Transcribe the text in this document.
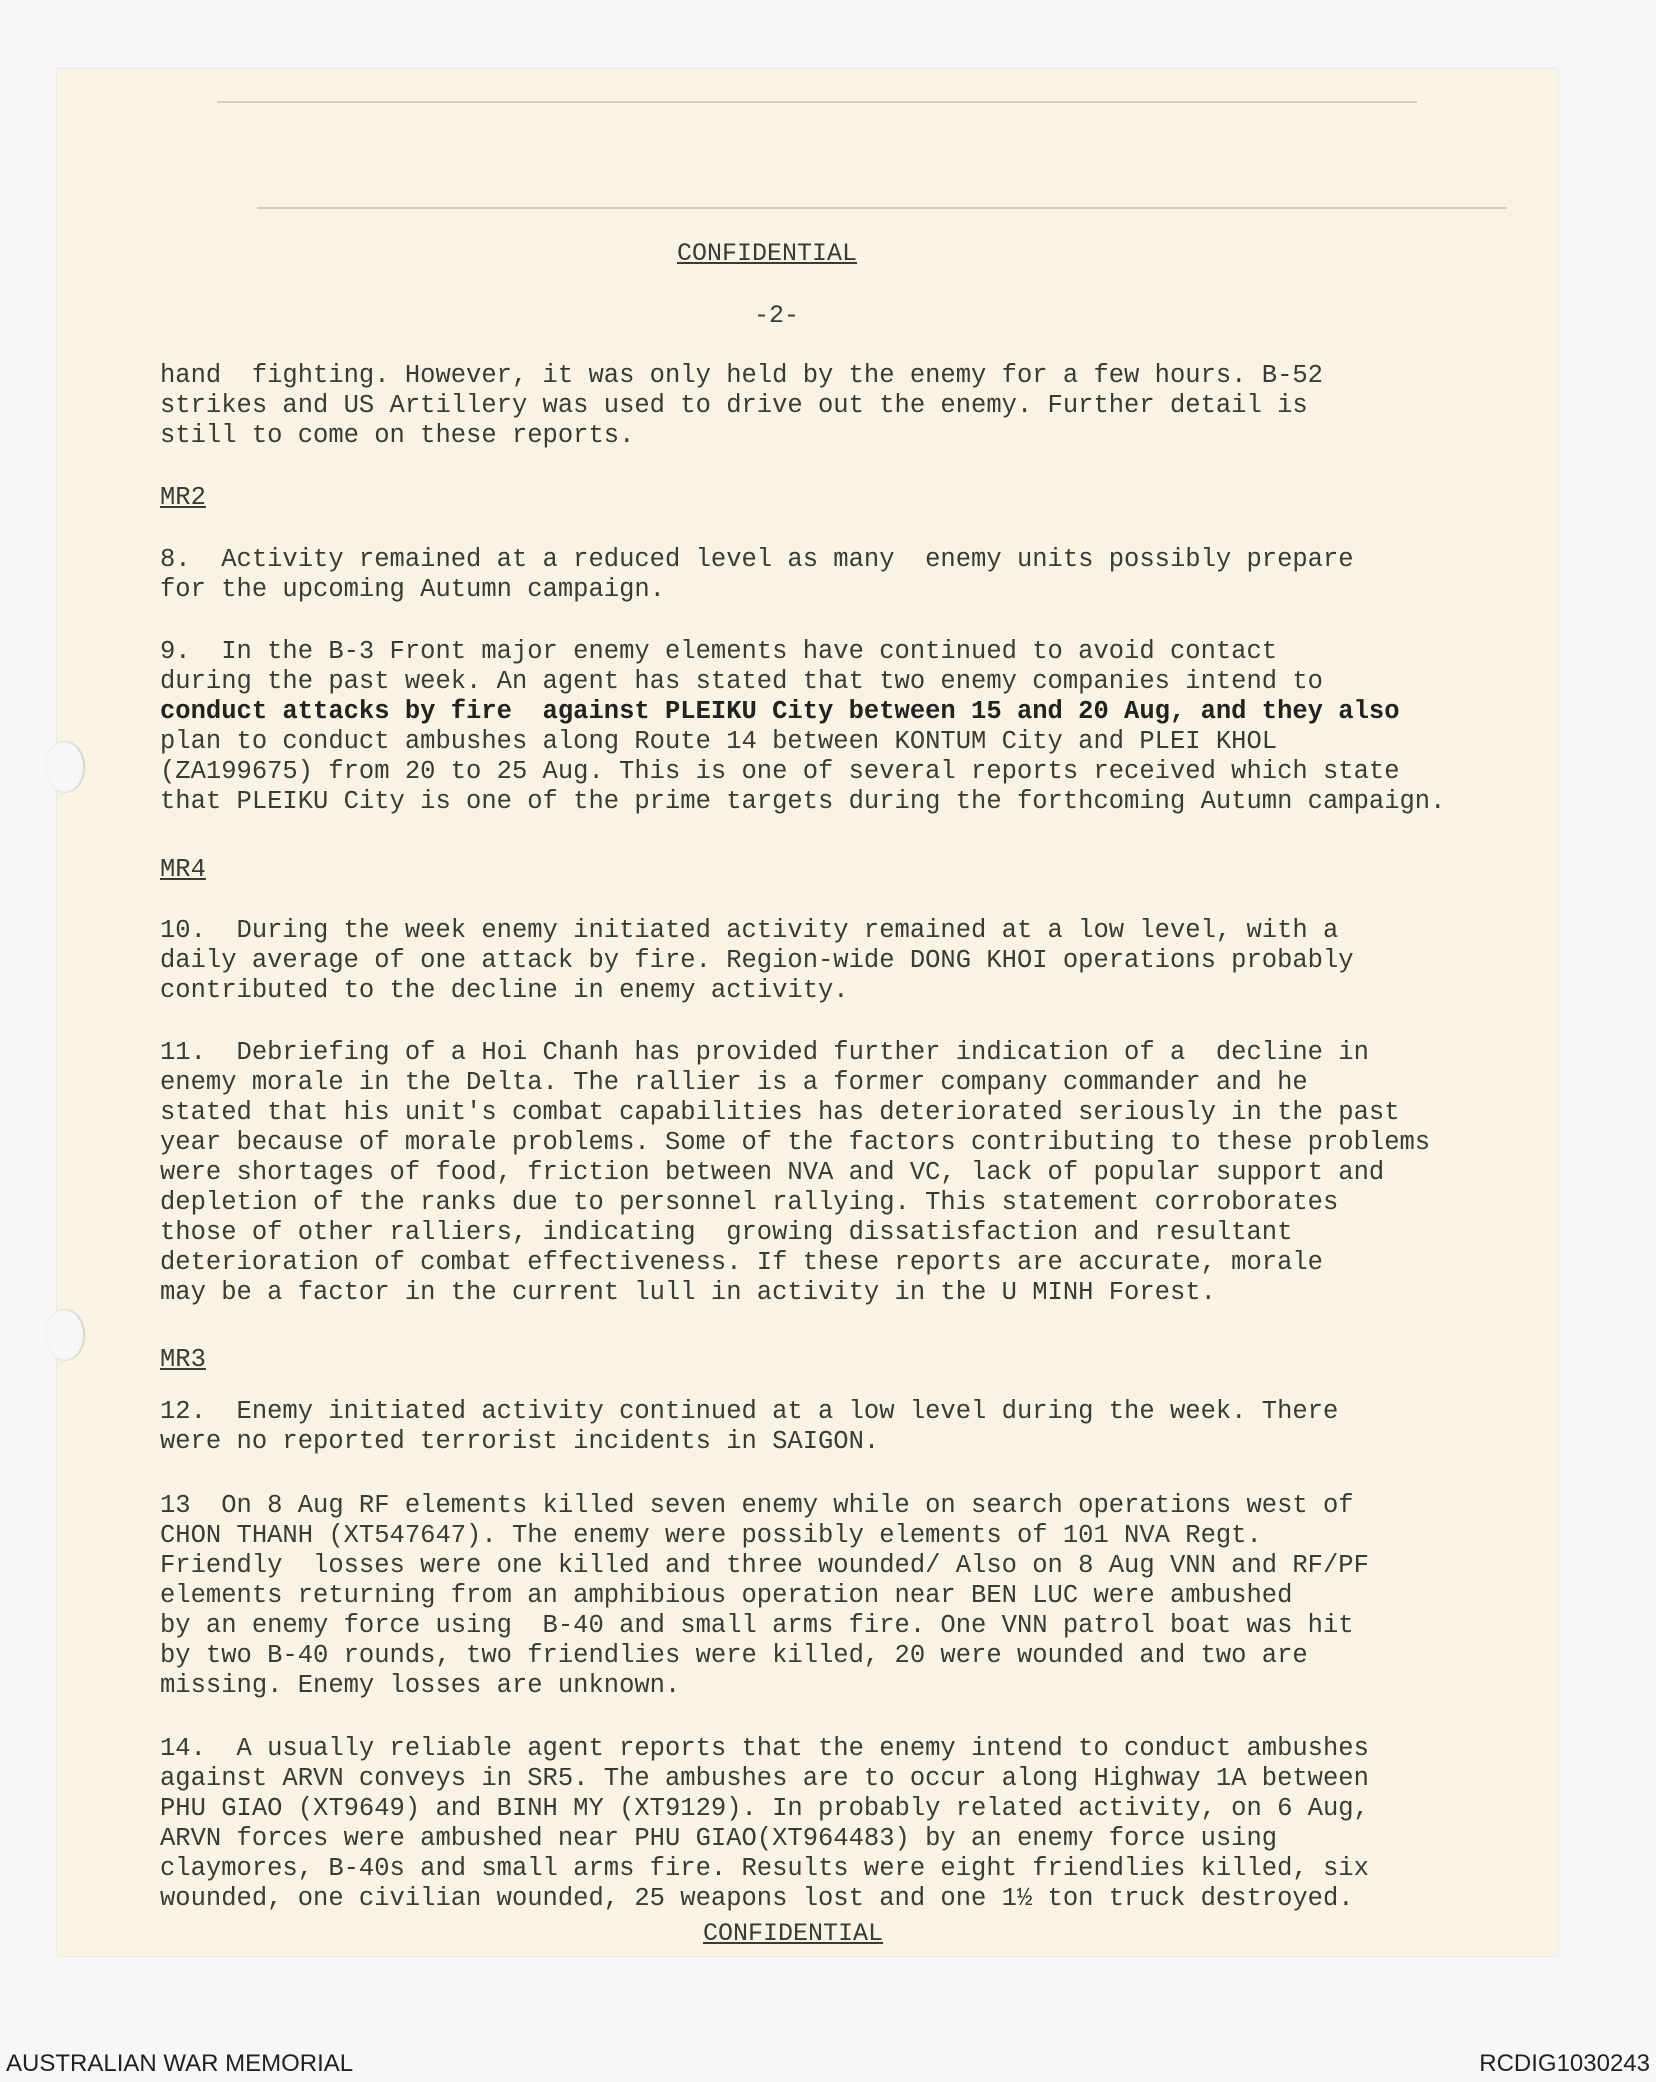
CONFIDENTIAL
-2-
hand  fighting. However, it was only held by the enemy for a few hours. B-52
strikes and US Artillery was used to drive out the enemy. Further detail is
still to come on these reports.
MR2
8.  Activity remained at a reduced level as many  enemy units possibly prepare
for the upcoming Autumn campaign.
9.  In the B-3 Front major enemy elements have continued to avoid contact
during the past week. An agent has stated that two enemy companies intend to
conduct attacks by fire  against PLEIKU City between 15 and 20 Aug, and they also
plan to conduct ambushes along Route 14 between KONTUM City and PLEI KHOL
(ZA199675) from 20 to 25 Aug. This is one of several reports received which state
that PLEIKU City is one of the prime targets during the forthcoming Autumn campaign.
MR4
10.  During the week enemy initiated activity remained at a low level, with a
daily average of one attack by fire. Region-wide DONG KHOI operations probably
contributed to the decline in enemy activity.
11.  Debriefing of a Hoi Chanh has provided further indication of a  decline in
enemy morale in the Delta. The rallier is a former company commander and he
stated that his unit's combat capabilities has deteriorated seriously in the past
year because of morale problems. Some of the factors contributing to these problems
were shortages of food, friction between NVA and VC, lack of popular support and
depletion of the ranks due to personnel rallying. This statement corroborates
those of other ralliers, indicating  growing dissatisfaction and resultant
deterioration of combat effectiveness. If these reports are accurate, morale
may be a factor in the current lull in activity in the U MINH Forest.
MR3
12.  Enemy initiated activity continued at a low level during the week. There
were no reported terrorist incidents in SAIGON.
13  On 8 Aug RF elements killed seven enemy while on search operations west of
CHON THANH (XT547647). The enemy were possibly elements of 101 NVA Regt.
Friendly  losses were one killed and three wounded/ Also on 8 Aug VNN and RF/PF
elements returning from an amphibious operation near BEN LUC were ambushed
by an enemy force using  B-40 and small arms fire. One VNN patrol boat was hit
by two B-40 rounds, two friendlies were killed, 20 were wounded and two are
missing. Enemy losses are unknown.
14.  A usually reliable agent reports that the enemy intend to conduct ambushes
against ARVN conveys in SR5. The ambushes are to occur along Highway 1A between
PHU GIAO (XT9649) and BINH MY (XT9129). In probably related activity, on 6 Aug,
ARVN forces were ambushed near PHU GIAO(XT964483) by an enemy force using
claymores, B-40s and small arms fire. Results were eight friendlies killed, six
wounded, one civilian wounded, 25 weapons lost and one 1½ ton truck destroyed.
CONFIDENTIAL
AUSTRALIAN WAR MEMORIAL	RCDIG1030243
